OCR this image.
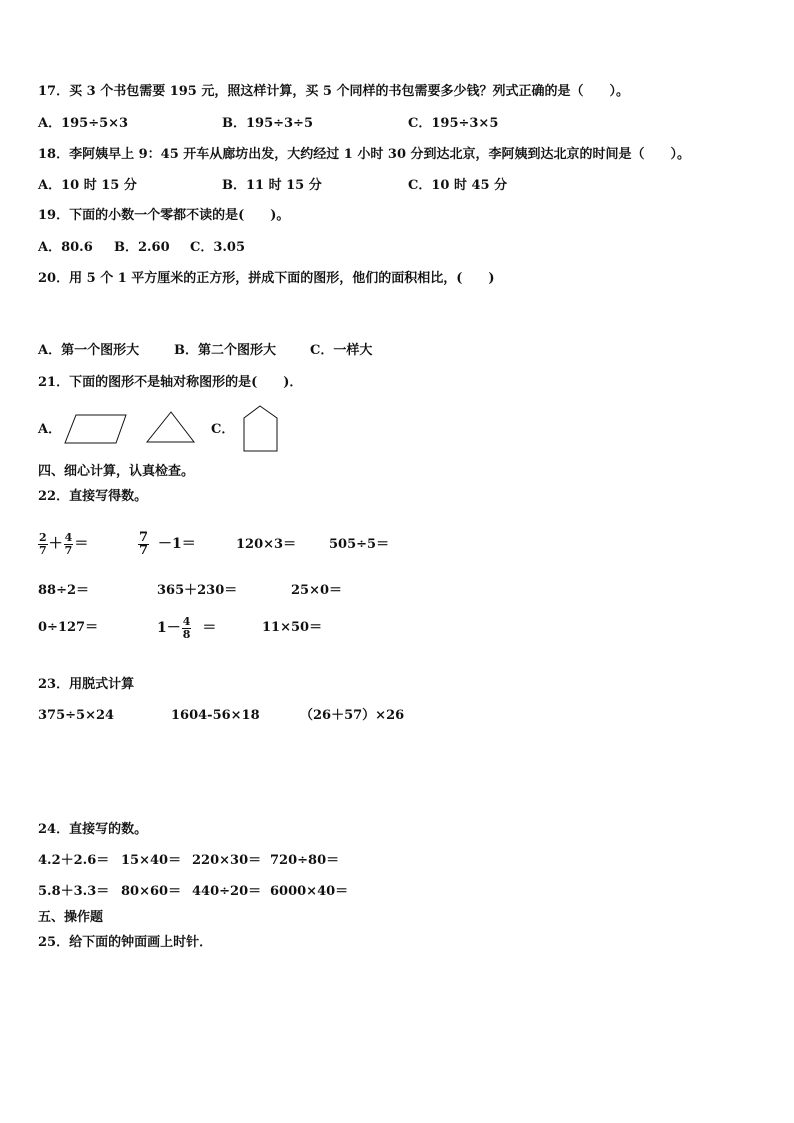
17．买 3 个书包需要 195 元，照这样计算，买 5 个同样的书包需要多少钱？列式正确的是（　　）。
A．195÷5×3	B．195÷3÷5	C．195÷3×5
18．李阿姨早上 9：45 开车从廊坊出发，大约经过 1 小时 30 分到达北京，李阿姨到达北京的时间是（　　）。
A．10 时 15 分	B．11 时 15 分	C．10 时 45 分
19．下面的小数一个零都不读的是(　　)。
A．80.6 B．2.60 C．3.05
20．用 5 个 1 平方厘米的正方形，拼成下面的图形，他们的面积相比，(　　)
A．第一个图形大	B．第二个图形大	C．一样大
21．下面的图形不是轴对称图形的是(　　)．
A．	C．
四、细心计算，认真检查。
22．直接写得数。
$\frac{2}{7} + \frac{4}{7}$ ＝	$\frac{7}{7} -1=$	120×3＝	505÷5＝
88÷2＝	365＋230＝	25×0＝
0÷127＝	$1- \frac{4}{8}$ ＝	11×50＝
23．用脱式计算
375÷5×24	1604-56×18	（26＋57）×26
24．直接写的数。
4.2＋2.6＝ 15×40＝ 220×30＝ 720÷80＝
5.8＋3.3＝ 80×60＝ 440÷20＝ 6000×40＝
五、操作题
25．给下面的钟面画上时针．
